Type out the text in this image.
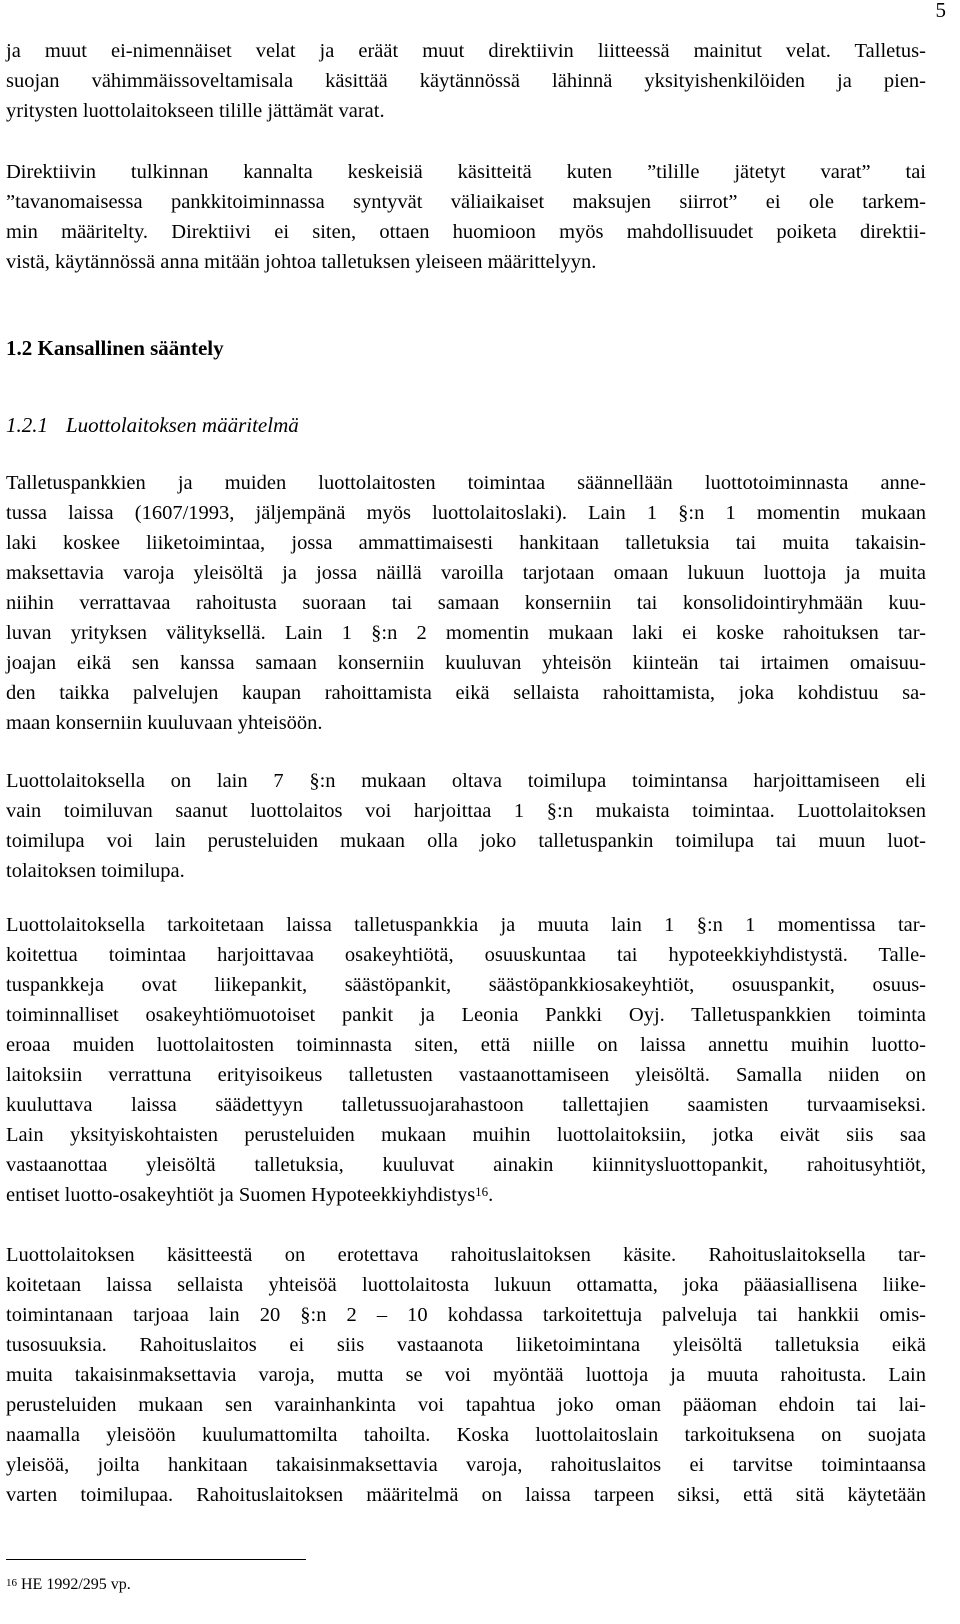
5
ja muut ei-nimennäiset velat ja eräät muut direktiivin liitteessä mainitut velat. Talletus-
suojan vähimmäissoveltamisala käsittää käytännössä lähinnä yksityishenkilöiden ja pien-
yritysten luottolaitokseen tilille jättämät varat.
Direktiivin tulkinnan kannalta keskeisiä käsitteitä kuten ”tilille jätetyt varat” tai
”tavanomaisessa pankkitoiminnassa syntyvät väliaikaiset maksujen siirrot” ei ole tarkem-
min määritelty. Direktiivi ei siten, ottaen huomioon myös mahdollisuudet poiketa direktii-
vistä, käytännössä anna mitään johtoa talletuksen yleiseen määrittelyyn.
1.2 Kansallinen sääntely
1.2.1 Luottolaitoksen määritelmä
Talletuspankkien ja muiden luottolaitosten toimintaa säännellään luottotoiminnasta anne-
tussa laissa (1607/1993, jäljempänä myös luottolaitoslaki). Lain 1 §:n 1 momentin mukaan
laki koskee liiketoimintaa, jossa ammattimaisesti hankitaan talletuksia tai muita takaisin-
maksettavia varoja yleisöltä ja jossa näillä varoilla tarjotaan omaan lukuun luottoja ja muita
niihin verrattavaa rahoitusta suoraan tai samaan konserniin tai konsolidointiryhmään kuu-
luvan yrityksen välityksellä. Lain 1 §:n 2 momentin mukaan laki ei koske rahoituksen tar-
joajan eikä sen kanssa samaan konserniin kuuluvan yhteisön kiinteän tai irtaimen omaisuu-
den taikka palvelujen kaupan rahoittamista eikä sellaista rahoittamista, joka kohdistuu sa-
maan konserniin kuuluvaan yhteisöön.
Luottolaitoksella on lain 7 §:n mukaan oltava toimilupa toimintansa harjoittamiseen eli
vain toimiluvan saanut luottolaitos voi harjoittaa 1 §:n mukaista toimintaa. Luottolaitoksen
toimilupa voi lain perusteluiden mukaan olla joko talletuspankin toimilupa tai muun luot-
tolaitoksen toimilupa.
Luottolaitoksella tarkoitetaan laissa talletuspankkia ja muuta lain 1 §:n 1 momentissa tar-
koitettua toimintaa harjoittavaa osakeyhtiötä, osuuskuntaa tai hypoteekkiyhdistystä. Talle-
tuspankkeja ovat liikepankit, säästöpankit, säästöpankkiosakeyhtiöt, osuuspankit, osuus-
toiminnalliset osakeyhtiömuotoiset pankit ja Leonia Pankki Oyj. Talletuspankkien toiminta
eroaa muiden luottolaitosten toiminnasta siten, että niille on laissa annettu muihin luotto-
laitoksiin verrattuna erityisoikeus talletusten vastaanottamiseen yleisöltä. Samalla niiden on
kuuluttava laissa säädettyyn talletussuojarahastoon tallettajien saamisten turvaamiseksi.
Lain yksityiskohtaisten perusteluiden mukaan muihin luottolaitoksiin, jotka eivät siis saa
vastaanottaa yleisöltä talletuksia, kuuluvat ainakin kiinnitysluottopankit, rahoitusyhtiöt,
entiset luotto-osakeyhtiöt ja Suomen Hypoteekkiyhdistys$^{16}$.
Luottolaitoksen käsitteestä on erotettava rahoituslaitoksen käsite. Rahoituslaitoksella tar-
koitetaan laissa sellaista yhteisöä luottolaitosta lukuun ottamatta, joka pääasiallisena liike-
toimintanaan tarjoaa lain 20 §:n 2 – 10 kohdassa tarkoitettuja palveluja tai hankkii omis-
tusosuuksia. Rahoituslaitos ei siis vastaanota liiketoimintana yleisöltä talletuksia eikä
muita takaisinmaksettavia varoja, mutta se voi myöntää luottoja ja muuta rahoitusta. Lain
perusteluiden mukaan sen varainhankinta voi tapahtua joko oman pääoman ehdoin tai lai-
naamalla yleisöön kuulumattomilta tahoilta. Koska luottolaitoslain tarkoituksena on suojata
yleisöä, joilta hankitaan takaisinmaksettavia varoja, rahoituslaitos ei tarvitse toimintaansa
varten toimilupaa. Rahoituslaitoksen määritelmä on laissa tarpeen siksi, että sitä käytetään
$^{16}$ HE 1992/295 vp.
